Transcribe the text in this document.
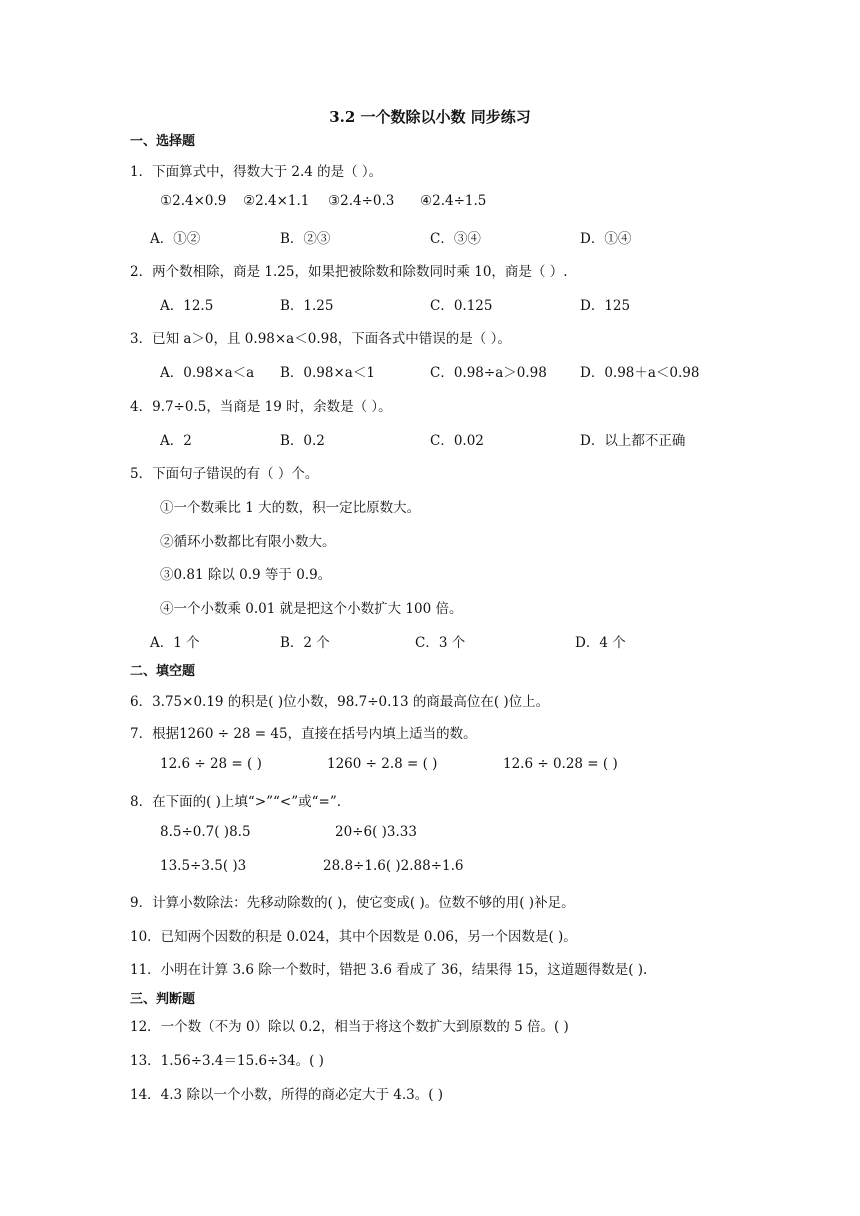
3.2 一个数除以小数 同步练习
一、选择题
1．下面算式中，得数大于 2.4 的是（ ）。
①2.4×0.9 ②2.4×1.1 ③2.4÷0.3 ④2.4÷1.5
A．①②	B．②③	C．③④	D．①④
2．两个数相除，商是 1.25，如果把被除数和除数同时乘 10，商是（ ）.
A．12.5	B．1.25	C．0.125	D．125
3．已知 a＞0，且 0.98×a＜0.98，下面各式中错误的是（ ）。
A．0.98×a＜a B．0.98×a＜1	C．0.98÷a＞0.98 D．0.98＋a＜0.98
4．9.7÷0.5，当商是 19 时，余数是（ ）。
A．2	B．0.2	C．0.02	D．以上都不正确
5．下面句子错误的有（ ）个。
①一个数乘比 1 大的数，积一定比原数大。
②循环小数都比有限小数大。
③0.81 除以 0.9 等于 0.9。
④一个小数乘 0.01 就是把这个小数扩大 100 倍。
A．1 个	B．2 个	C．3 个	D．4 个
二、填空题
6．3.75×0.19 的积是( )位小数，98.7÷0.13 的商最高位在( )位上。
7．根据1260 ÷ 28 = 45，直接在括号内填上适当的数。
12.6 ÷ 28 = ( )	1260 ÷ 2.8 = ( )	12.6 ÷ 0.28 = ( )
8．在下面的( )上填“>”“<”或“=”.
8.5÷0.7( )8.5	20÷6( )3.33
13.5÷3.5( )3	28.8÷1.6( )2.88÷1.6
9．计算小数除法：先移动除数的( )，使它变成( )。位数不够的用( )补足。
10．已知两个因数的积是 0.024，其中个因数是 0.06，另一个因数是( )。
11．小明在计算 3.6 除一个数时，错把 3.6 看成了 36，结果得 15，这道题得数是( ).
三、判断题
12．一个数（不为 0）除以 0.2，相当于将这个数扩大到原数的 5 倍。( )
13．1.56÷3.4＝15.6÷34。( )
14．4.3 除以一个小数，所得的商必定大于 4.3。( )
